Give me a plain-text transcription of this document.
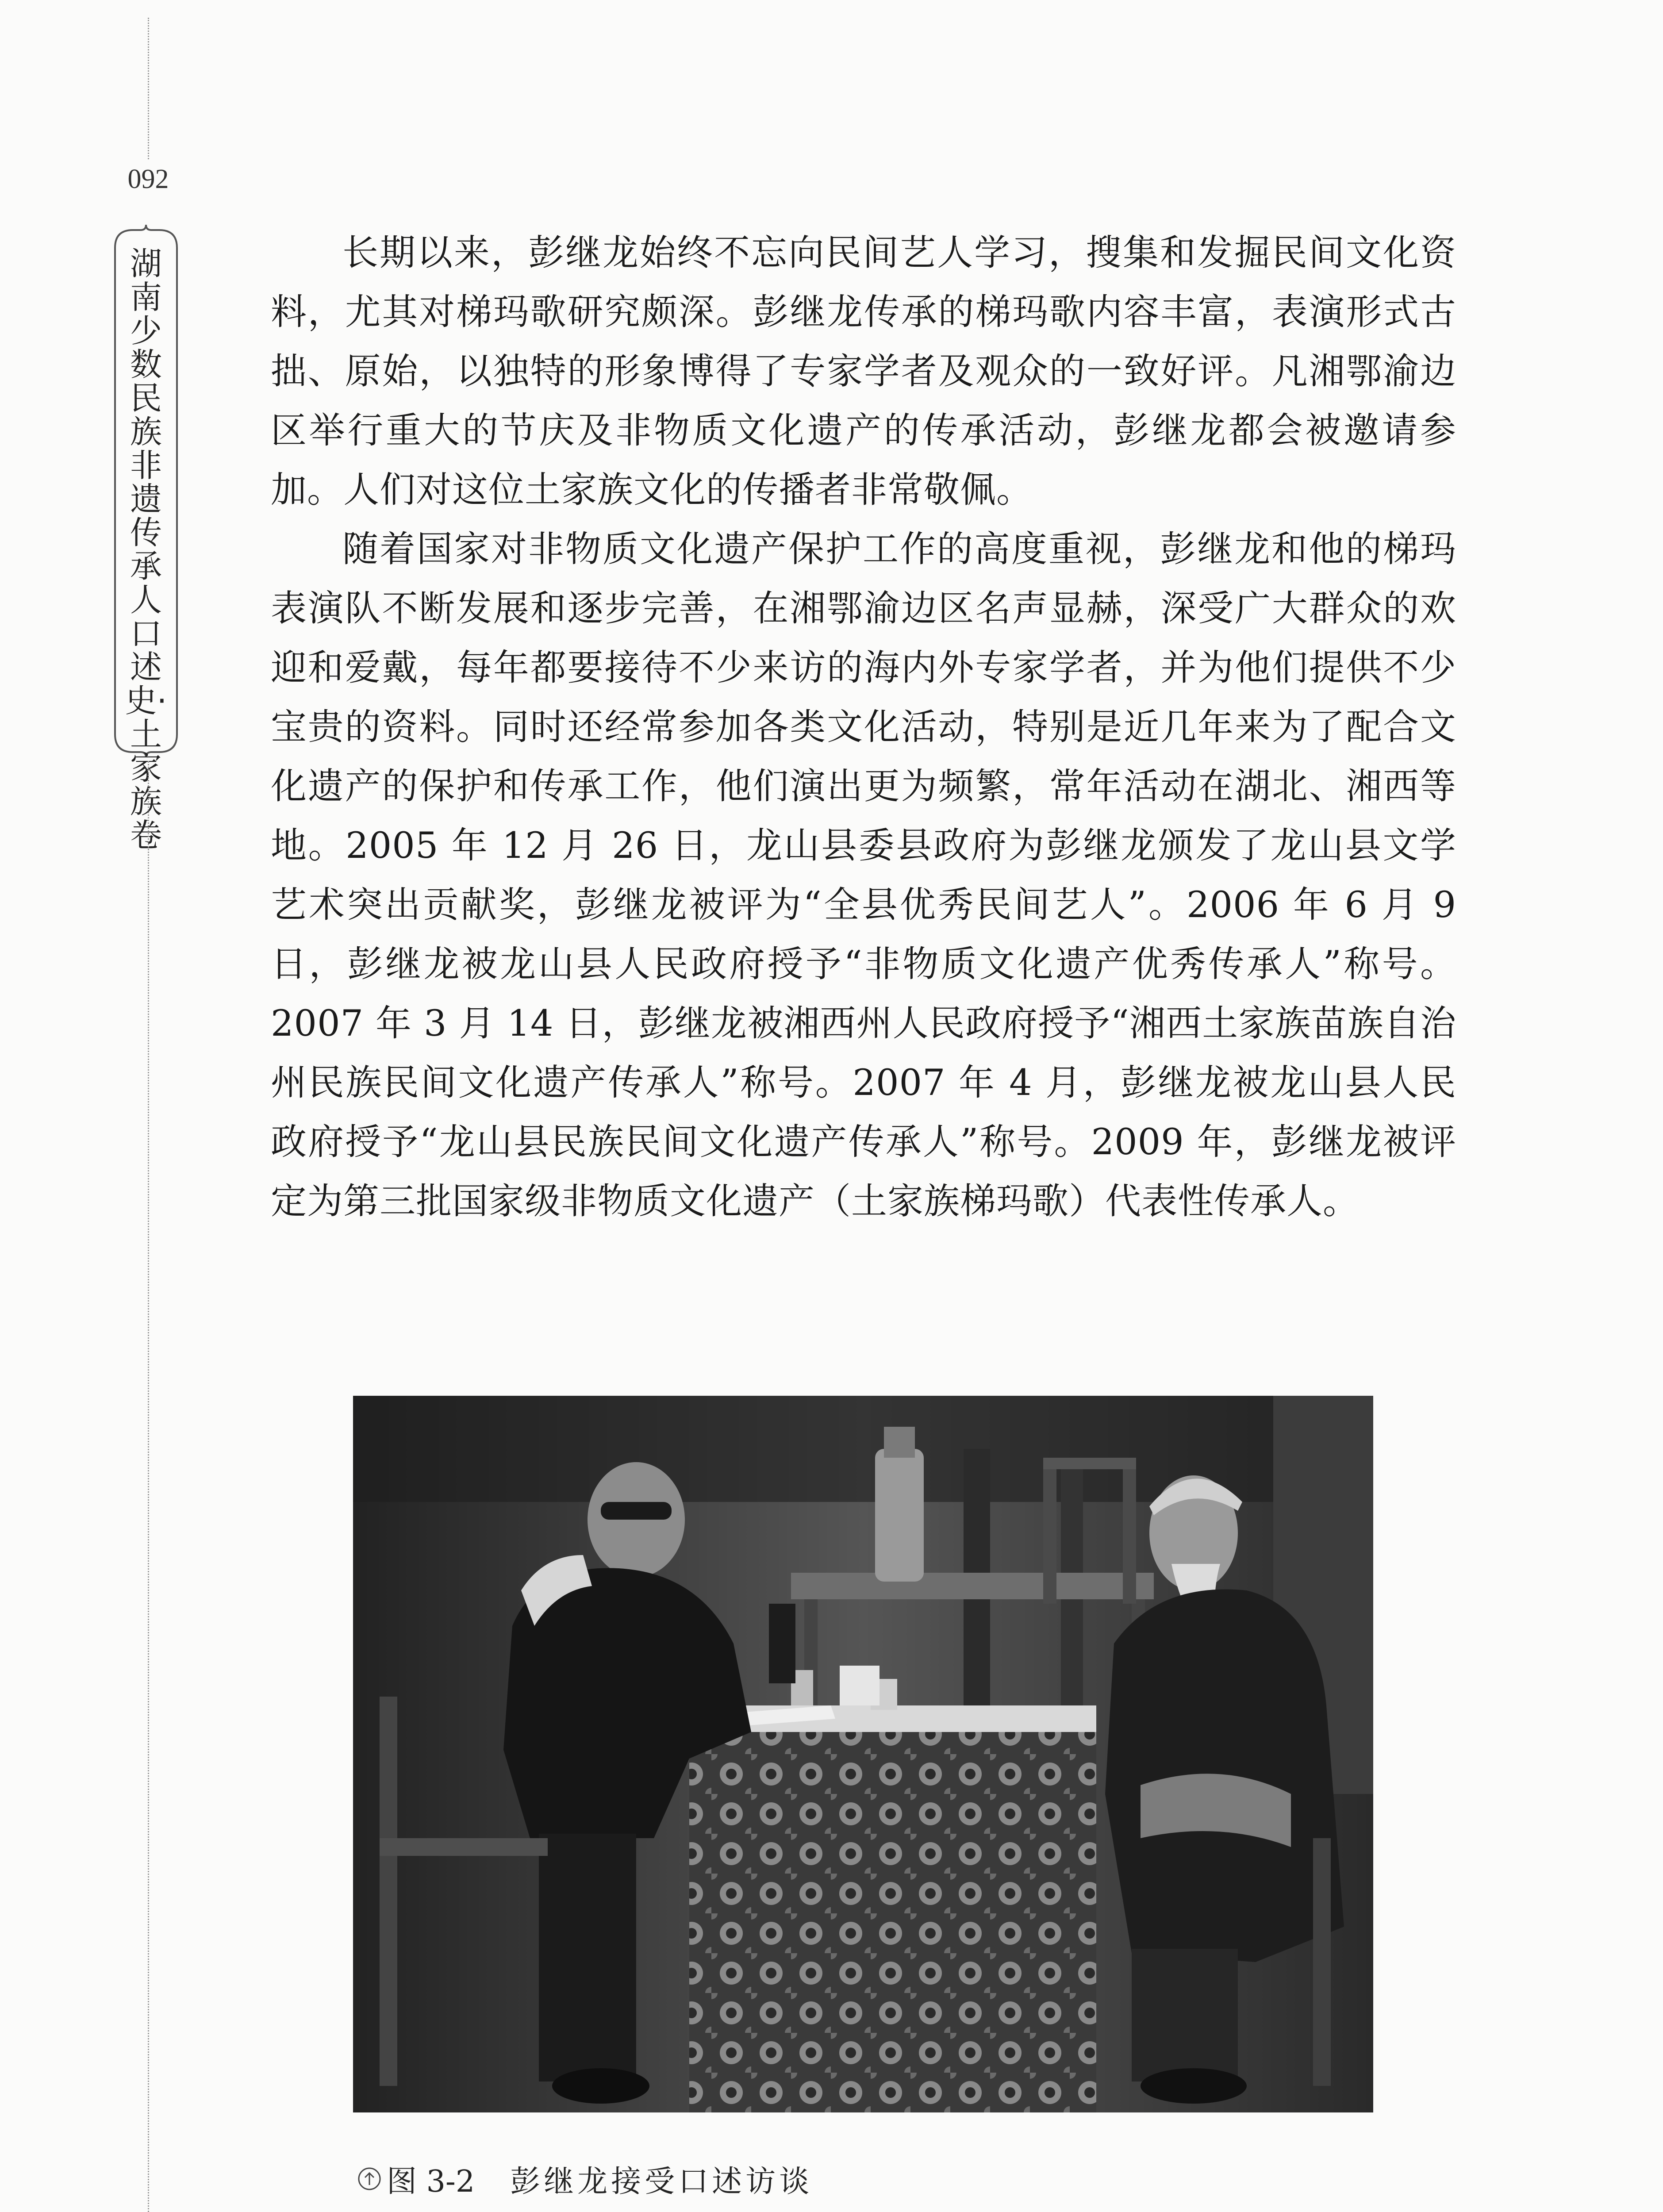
092
湖南少数民族非遗传承人口述史·土家族卷

长期以来，彭继龙始终不忘向民间艺人学习，搜集和发掘民间文化资料，尤其对梯玛歌研究颇深。彭继龙传承的梯玛歌内容丰富，表演形式古拙、原始，以独特的形象博得了专家学者及观众的一致好评。凡湘鄂渝边区举行重大的节庆及非物质文化遗产的传承活动，彭继龙都会被邀请参加。人们对这位土家族文化的传播者非常敬佩。

随着国家对非物质文化遗产保护工作的高度重视，彭继龙和他的梯玛表演队不断发展和逐步完善，在湘鄂渝边区名声显赫，深受广大群众的欢迎和爱戴，每年都要接待不少来访的海内外专家学者，并为他们提供不少宝贵的资料。同时还经常参加各类文化活动，特别是近几年来为了配合文化遗产的保护和传承工作，他们演出更为频繁，常年活动在湖北、湘西等地。2005 年 12 月 26 日，龙山县委县政府为彭继龙颁发了龙山县文学艺术突出贡献奖，彭继龙被评为“全县优秀民间艺人”。2006 年 6 月 9 日，彭继龙被龙山县人民政府授予“非物质文化遗产优秀传承人”称号。2007 年 3 月 14 日，彭继龙被湘西州人民政府授予“湘西土家族苗族自治州民族民间文化遗产传承人”称号。2007 年 4 月，彭继龙被龙山县人民政府授予“龙山县民族民间文化遗产传承人”称号。2009 年，彭继龙被评定为第三批国家级非物质文化遗产（土家族梯玛歌）代表性传承人。

图 3-2 彭继龙接受口述访谈
